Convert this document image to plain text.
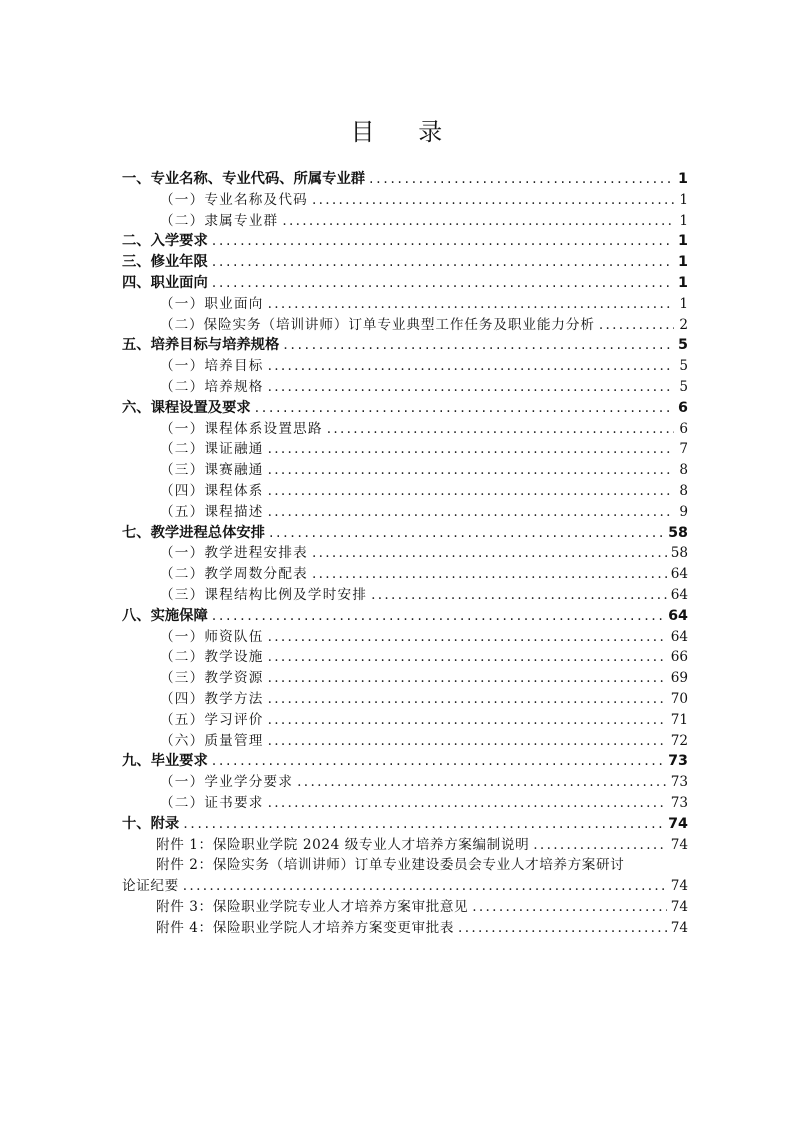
目 录
一、专业名称、专业代码、所属专业群 . . .	1
（一）专业名称及代码 . . .	1
（二）隶属专业群 . . .	1
二、入学要求 . . .	1
三、修业年限 . . .	1
四、职业面向 . . .	1
（一）职业面向 . . .	1
（二）保险实务（培训讲师）订单专业典型工作任务及职业能力分析 . . .	2
五、培养目标与培养规格 . . .	5
（一）培养目标 . . .	5
（二）培养规格 . . .	5
六、课程设置及要求 . . .	6
（一）课程体系设置思路 . . .	6
（二）课证融通 . . .	7
（三）课赛融通 . . .	8
（四）课程体系 . . .	8
（五）课程描述 . . .	9
七、教学进程总体安排 . . .	58
（一）教学进程安排表 . . .	58
（二）教学周数分配表 . . .	64
（三）课程结构比例及学时安排 . . .	64
八、实施保障 . . .	64
（一）师资队伍 . . .	64
（二）教学设施 . . .	66
（三）教学资源 . . .	69
（四）教学方法 . . .	70
（五）学习评价 . . .	71
（六）质量管理 . . .	72
九、毕业要求 . . .	73
（一）学业学分要求 . . .	73
（二）证书要求 . . .	73
十、附录 . . .	74
附件 1：保险职业学院 2024 级专业人才培养方案编制说明 . . .	74
附件 2：保险实务（培训讲师）订单专业建设委员会专业人才培养方案研讨
论证纪要 . . .	74
附件 3：保险职业学院专业人才培养方案审批意见 . . .	74
附件 4：保险职业学院人才培养方案变更审批表 . . .	74
